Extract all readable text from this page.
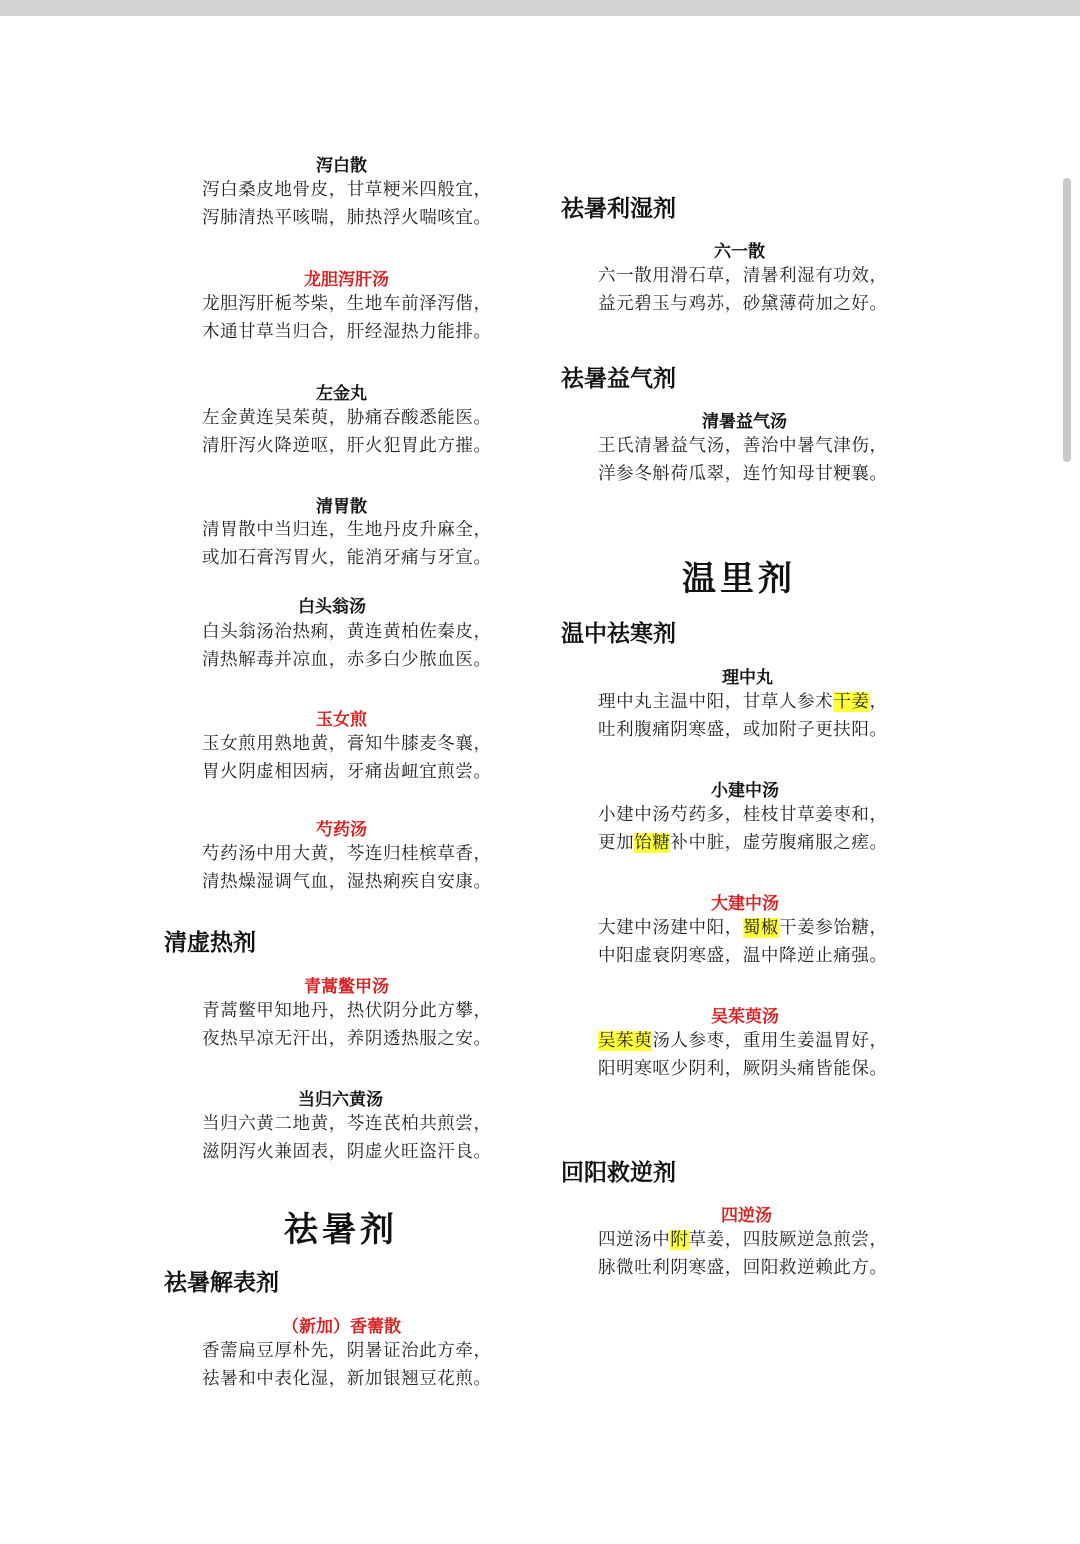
泻白散
泻白桑皮地骨皮，甘草粳米四般宜，
泻肺清热平咳喘，肺热浮火喘咳宜。
龙胆泻肝汤
龙胆泻肝栀芩柴，生地车前泽泻偕，
木通甘草当归合，肝经湿热力能排。
左金丸
左金黄连吴茱萸，胁痛吞酸悉能医。
清肝泻火降逆呕，肝火犯胃此方摧。
清胃散
清胃散中当归连，生地丹皮升麻全，
或加石膏泻胃火，能消牙痛与牙宣。
白头翁汤
白头翁汤治热痢，黄连黄柏佐秦皮，
清热解毒并凉血，赤多白少脓血医。
玉女煎
玉女煎用熟地黄，膏知牛膝麦冬襄，
胃火阴虚相因病，牙痛齿衄宜煎尝。
芍药汤
芍药汤中用大黄，芩连归桂槟草香，
清热燥湿调气血，湿热痢疾自安康。
清虚热剂
青蒿鳖甲汤
青蒿鳖甲知地丹，热伏阴分此方攀，
夜热早凉无汗出，养阴透热服之安。
当归六黄汤
当归六黄二地黄，芩连芪柏共煎尝，
滋阴泻火兼固表，阴虚火旺盗汗良。
祛暑剂
祛暑解表剂
（新加）香薷散
香薷扁豆厚朴先，阴暑证治此方牵，
祛暑和中表化湿，新加银翘豆花煎。
祛暑利湿剂
六一散
六一散用滑石草，清暑利湿有功效，
益元碧玉与鸡苏，砂黛薄荷加之好。
祛暑益气剂
清暑益气汤
王氏清暑益气汤，善治中暑气津伤，
洋参冬斛荷瓜翠，连竹知母甘粳襄。
温里剂
温中祛寒剂
理中丸
理中丸主温中阳，甘草人参术干姜，
吐利腹痛阴寒盛，或加附子更扶阳。
小建中汤
小建中汤芍药多，桂枝甘草姜枣和，
更加饴糖补中脏，虚劳腹痛服之瘥。
大建中汤
大建中汤建中阳，蜀椒干姜参饴糖，
中阳虚衰阴寒盛，温中降逆止痛强。
吴茱萸汤
吴茱萸汤人参枣，重用生姜温胃好，
阳明寒呕少阴利，厥阴头痛皆能保。
回阳救逆剂
四逆汤
四逆汤中附草姜，四肢厥逆急煎尝，
脉微吐利阴寒盛，回阳救逆赖此方。
